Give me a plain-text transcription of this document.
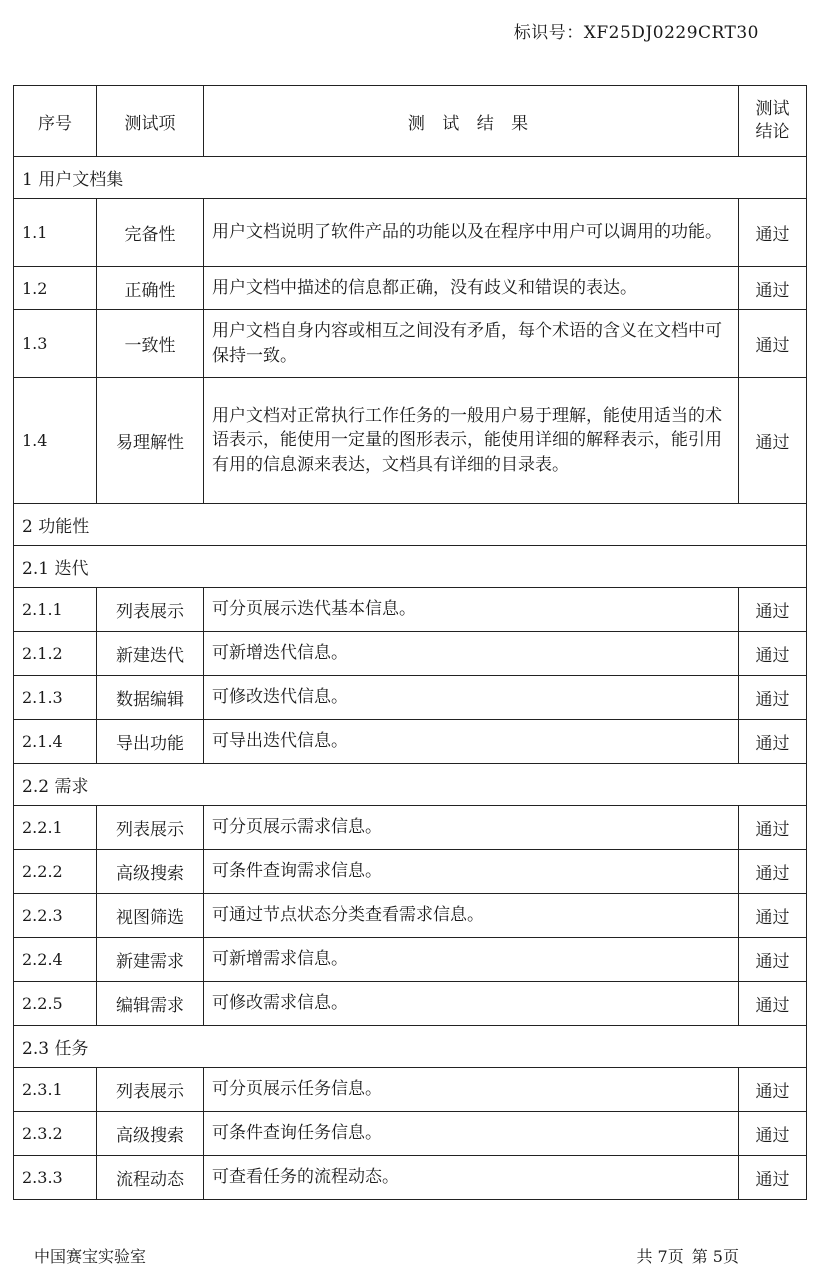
标识号：XF25DJ0229CRT30
序号	测试项	测 试 结 果	测试
结论
1 用户文档集			
1.1	完备性	用户文档说明了软件产品的功能以及在程序中用户可以调用的功能。	通过
1.2	正确性	用户文档中描述的信息都正确，没有歧义和错误的表达。	通过
1.3	一致性	用户文档自身内容或相互之间没有矛盾，每个术语的含义在文档中可保持一致。	通过
1.4	易理解性	用户文档对正常执行工作任务的一般用户易于理解，能使用适当的术语表示，能使用一定量的图形表示，能使用详细的解释表示，能引用有用的信息源来表达，文档具有详细的目录表。	通过
2 功能性			
2.1 迭代			
2.1.1	列表展示	可分页展示迭代基本信息。	通过
2.1.2	新建迭代	可新增迭代信息。	通过
2.1.3	数据编辑	可修改迭代信息。	通过
2.1.4	导出功能	可导出迭代信息。	通过
2.2 需求			
2.2.1	列表展示	可分页展示需求信息。	通过
2.2.2	高级搜索	可条件查询需求信息。	通过
2.2.3	视图筛选	可通过节点状态分类查看需求信息。	通过
2.2.4	新建需求	可新增需求信息。	通过
2.2.5	编辑需求	可修改需求信息。	通过
2.3 任务			
2.3.1	列表展示	可分页展示任务信息。	通过
2.3.2	高级搜索	可条件查询任务信息。	通过
2.3.3	流程动态	可查看任务的流程动态。	通过
中国赛宝实验室	共 7页 第 5页
